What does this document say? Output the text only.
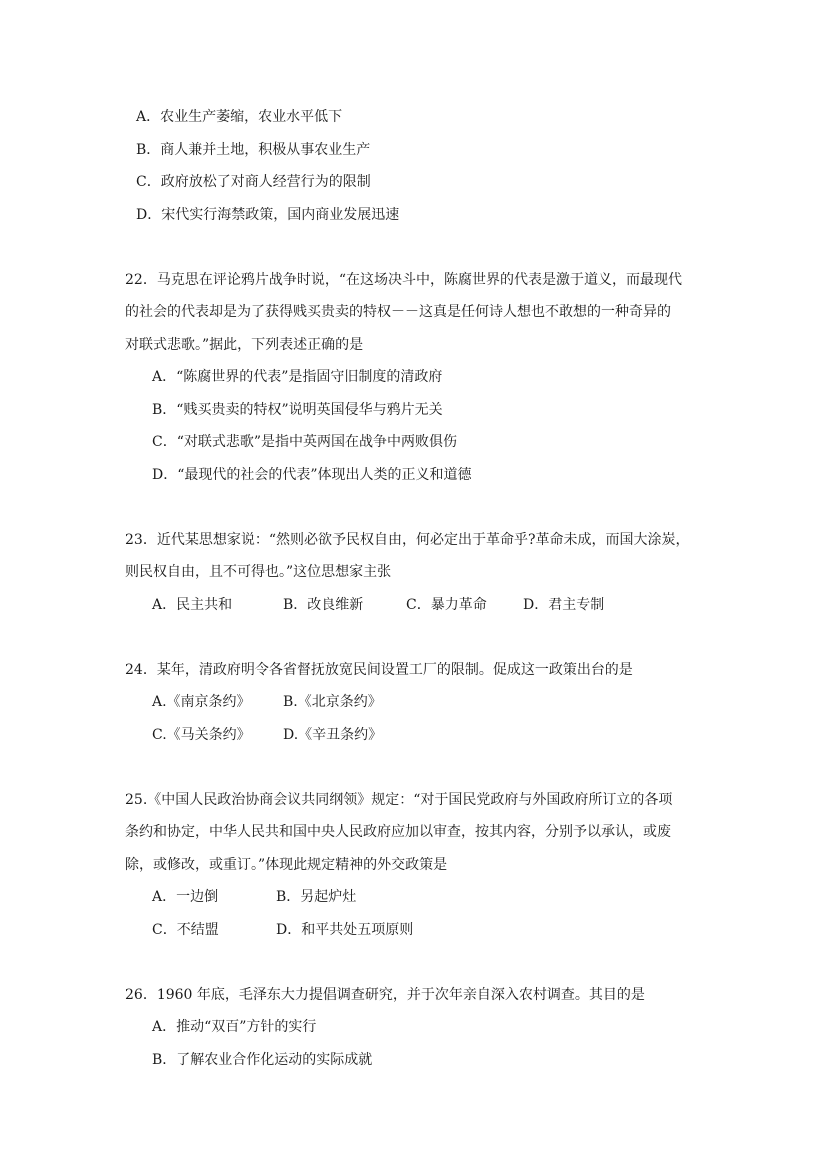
A．农业生产萎缩，农业水平低下
B．商人兼并土地，积极从事农业生产
C．政府放松了对商人经营行为的限制
D．宋代实行海禁政策，国内商业发展迅速
22．马克思在评论鸦片战争时说，“在这场决斗中，陈腐世界的代表是激于道义，而最现代
的社会的代表却是为了获得贱买贵卖的特权－－这真是任何诗人想也不敢想的一种奇异的
对联式悲歌。”据此，下列表述正确的是
A．“陈腐世界的代表”是指固守旧制度的清政府
B．“贱买贵卖的特权”说明英国侵华与鸦片无关
C．“对联式悲歌”是指中英两国在战争中两败俱伤
D．“最现代的社会的代表”体现出人类的正义和道德
23．近代某思想家说：“然则必欲予民权自由，何必定出于革命乎?革命未成，而国大涂炭，
则民权自由，且不可得也。”这位思想家主张
A．民主共和	B．改良维新	C．暴力革命	D．君主专制
24．某年，清政府明令各省督抚放宽民间设置工厂的限制。促成这一政策出台的是
A.《南京条约》 B.《北京条约》
C.《马关条约》 D.《辛丑条约》
25.《中国人民政治协商会议共同纲领》规定：“对于国民党政府与外国政府所订立的各项
条约和协定，中华人民共和国中央人民政府应加以审查，按其内容，分别予以承认，或废
除，或修改，或重订。”体现此规定精神的外交政策是
A．一边倒	B．另起炉灶
C．不结盟	D．和平共处五项原则
26．1960 年底，毛泽东大力提倡调查研究，并于次年亲自深入农村调查。其目的是
A．推动“双百”方针的实行
B．了解农业合作化运动的实际成就
